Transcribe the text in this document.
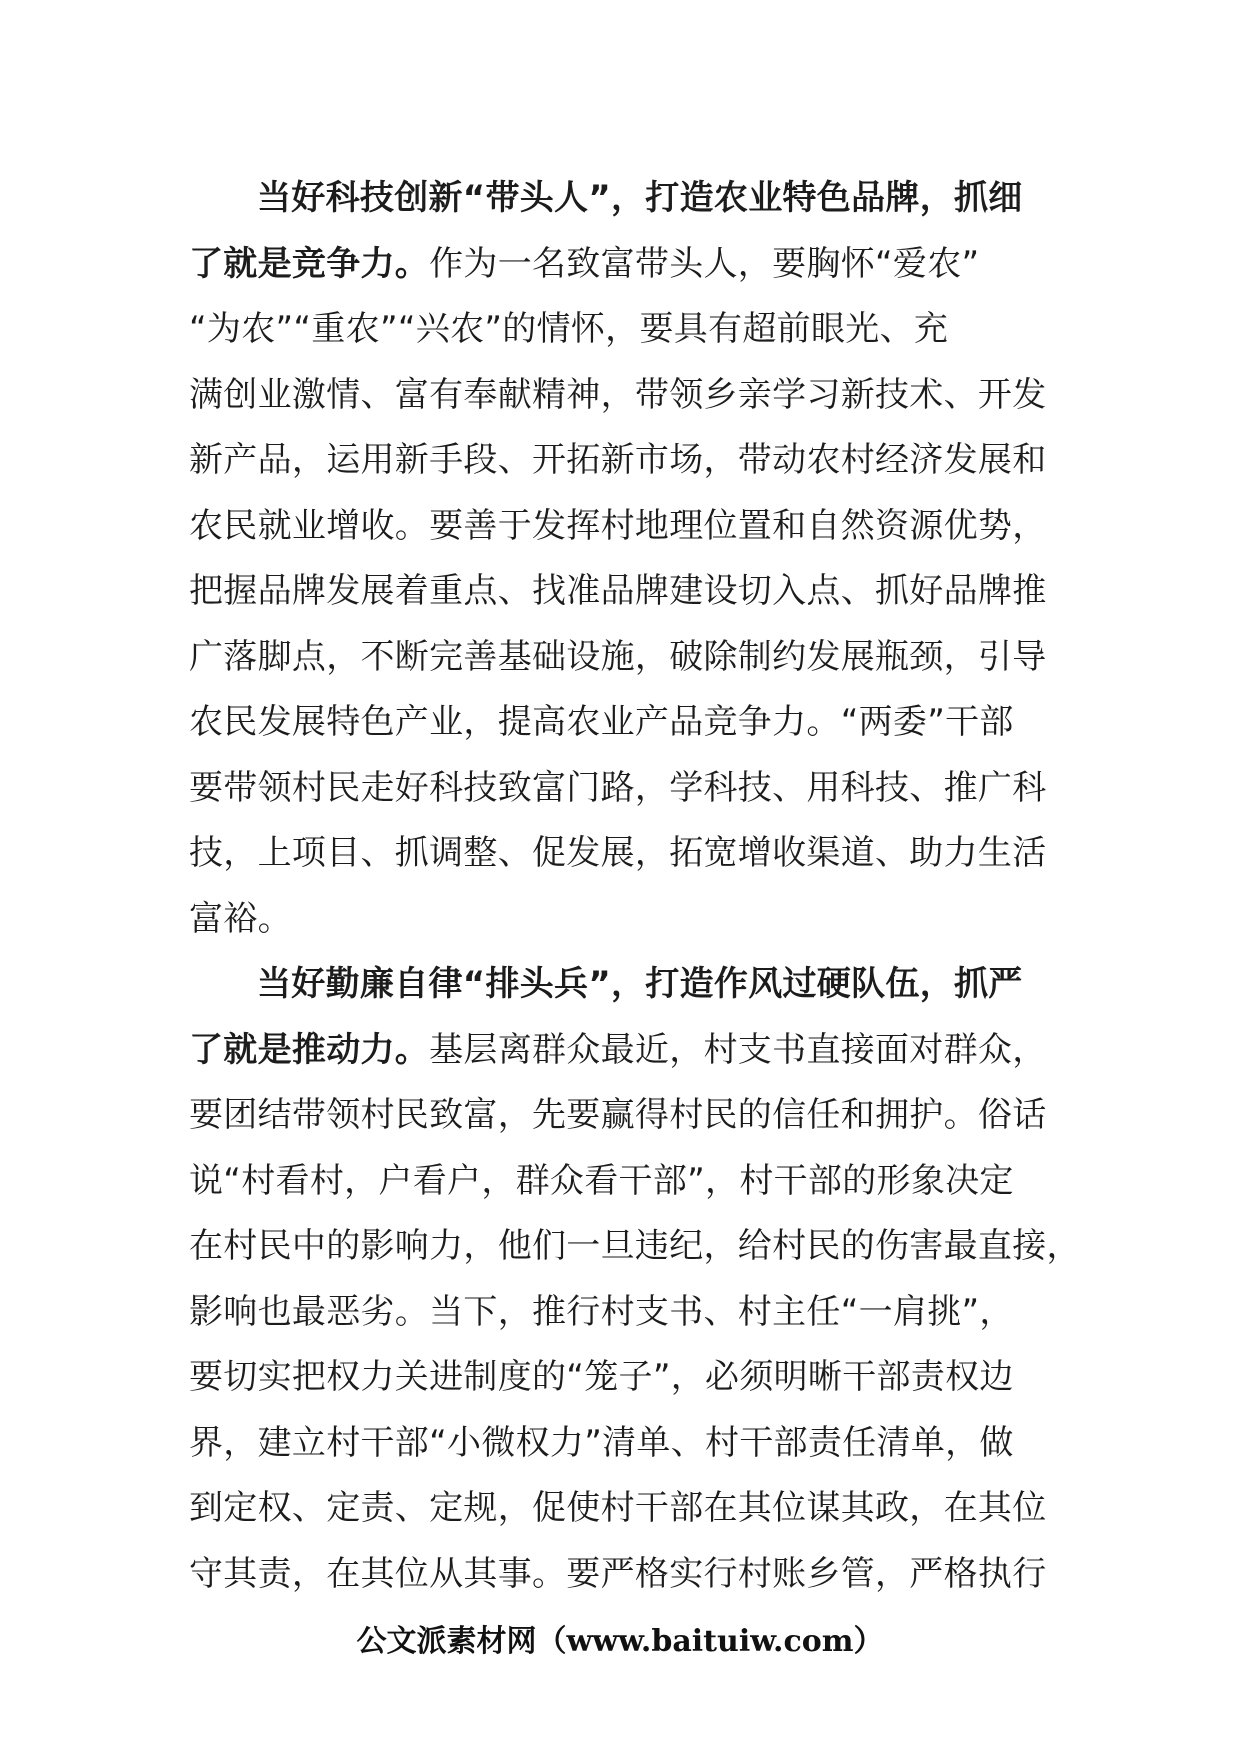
当好科技创新“带头人”，打造农业特色品牌，抓细
了就是竞争力。作为一名致富带头人，要胸怀“爱农”
“为农”“重农”“兴农”的情怀，要具有超前眼光、充
满创业激情、富有奉献精神，带领乡亲学习新技术、开发
新产品，运用新手段、开拓新市场，带动农村经济发展和
农民就业增收。要善于发挥村地理位置和自然资源优势，
把握品牌发展着重点、找准品牌建设切入点、抓好品牌推
广落脚点，不断完善基础设施，破除制约发展瓶颈，引导
农民发展特色产业，提高农业产品竞争力。“两委”干部
要带领村民走好科技致富门路，学科技、用科技、推广科
技，上项目、抓调整、促发展，拓宽增收渠道、助力生活
富裕。
当好勤廉自律“排头兵”，打造作风过硬队伍，抓严
了就是推动力。基层离群众最近，村支书直接面对群众，
要团结带领村民致富，先要赢得村民的信任和拥护。俗话
说“村看村，户看户，群众看干部”，村干部的形象决定
在村民中的影响力，他们一旦违纪，给村民的伤害最直接，
影响也最恶劣。当下，推行村支书、村主任“一肩挑”，
要切实把权力关进制度的“笼子”，必须明晰干部责权边
界，建立村干部“小微权力”清单、村干部责任清单，做
到定权、定责、定规，促使村干部在其位谋其政，在其位
守其责，在其位从其事。要严格实行村账乡管，严格执行
公文派素材网（www.baituiw.com）
